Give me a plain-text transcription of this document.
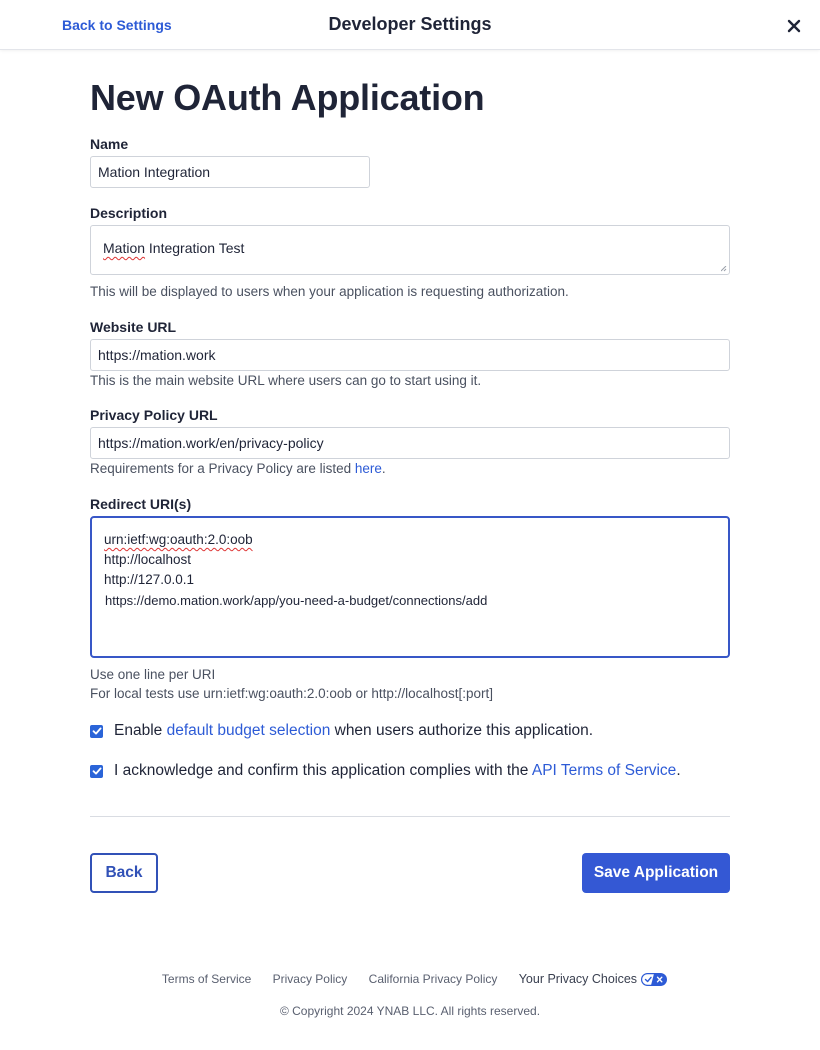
Back to Settings	Developer Settings
New OAuth Application
Name
Mation Integration
Description
Mation Integration Test
This will be displayed to users when your application is requesting authorization.
Website URL
https://mation.work
This is the main website URL where users can go to start using it.
Privacy Policy URL
https://mation.work/en/privacy-policy
Requirements for a Privacy Policy are listed here.
Redirect URI(s)
urn:ietf:wg:oauth:2.0:oob
http://localhost
http://127.0.0.1
https://demo.mation.work/app/you-need-a-budget/connections/add
Use one line per URI
For local tests use urn:ietf:wg:oauth:2.0:oob or http://localhost[:port]
Enable default budget selection when users authorize this application.
I acknowledge and confirm this application complies with the API Terms of Service.
Back	Save Application
Terms of Service Privacy Policy California Privacy Policy Your Privacy Choices
© Copyright 2024 YNAB LLC. All rights reserved.
